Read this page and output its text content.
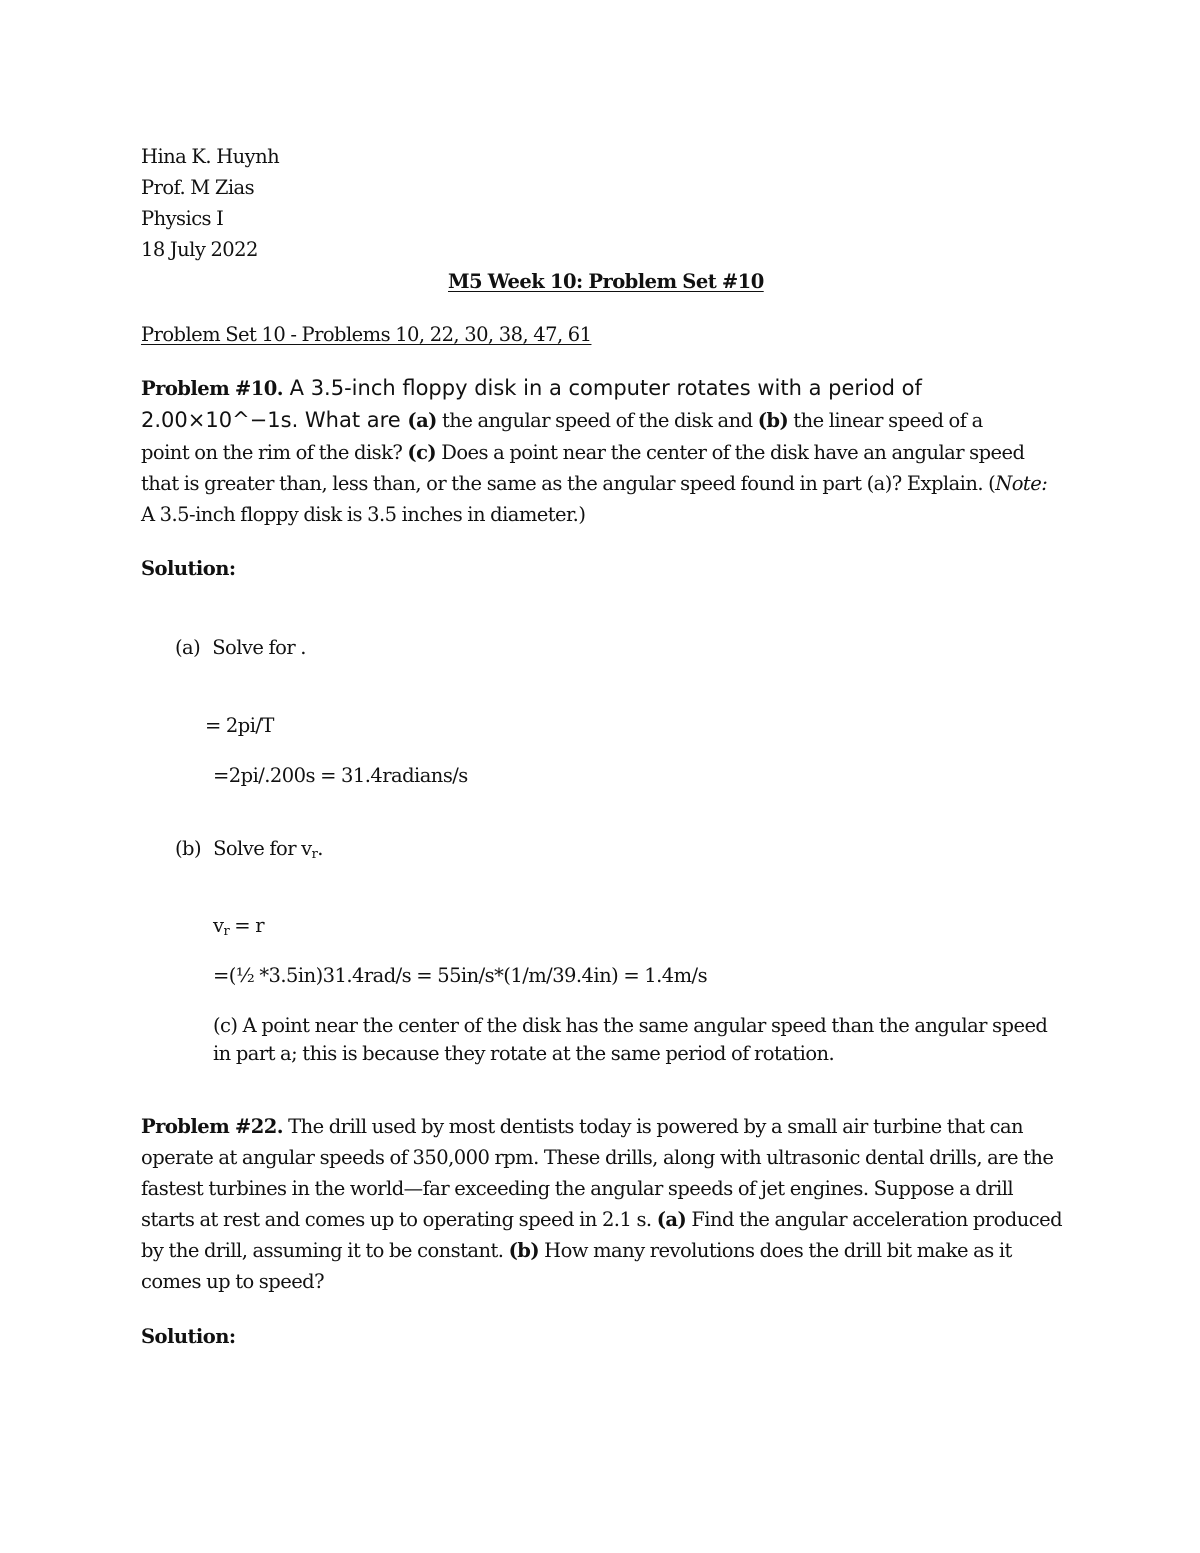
Hina K. Huynh
Prof. M Zias
Physics I
18 July 2022
M5 Week 10: Problem Set #10
Problem Set 10 - Problems 10, 22, 30, 38, 47, 61
Problem #10. A 3.5-inch floppy disk in a computer rotates with a period of
2.00×10^−1s. What are (a) the angular speed of the disk and (b) the linear speed of a
point on the rim of the disk? (c) Does a point near the center of the disk have an angular speed
that is greater than, less than, or the same as the angular speed found in part (a)? Explain. (Note:
A 3.5-inch floppy disk is 3.5 inches in diameter.)
Solution:
(a) Solve for .
= 2pi/T
=2pi/.200s = 31.4radians/s
(b) Solve for $v_r$.
$v_r = r$
=(½ *3.5in)31.4rad/s = 55in/s*(1/m/39.4in) = 1.4m/s
(c) A point near the center of the disk has the same angular speed than the angular speed
in part a; this is because they rotate at the same period of rotation.
Problem #22. The drill used by most dentists today is powered by a small air turbine that can
operate at angular speeds of 350,000 rpm. These drills, along with ultrasonic dental drills, are the
fastest turbines in the world—far exceeding the angular speeds of jet engines. Suppose a drill
starts at rest and comes up to operating speed in 2.1 s. (a) Find the angular acceleration produced
by the drill, assuming it to be constant. (b) How many revolutions does the drill bit make as it
comes up to speed?
Solution:
